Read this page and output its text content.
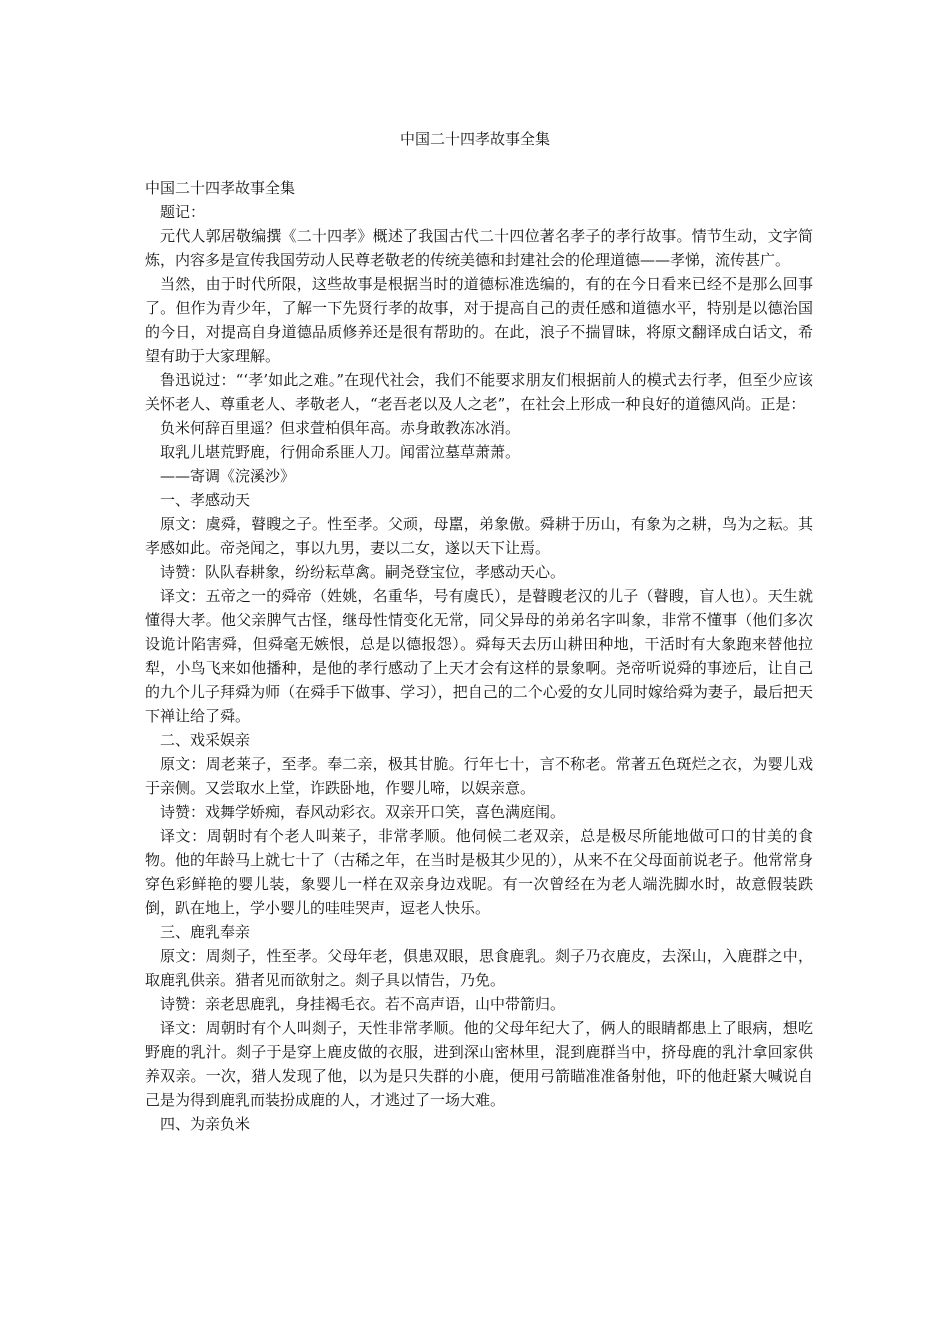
中国二十四孝故事全集

中国二十四孝故事全集

题记：

元代人郭居敬编撰《二十四孝》概述了我国古代二十四位著名孝子的孝行故事。情节生动，文字简炼，内容多是宣传我国劳动人民尊老敬老的传统美德和封建社会的伦理道德——孝悌，流传甚广。

当然，由于时代所限，这些故事是根据当时的道德标准选编的，有的在今日看来已经不是那么回事了。但作为青少年，了解一下先贤行孝的故事，对于提高自己的责任感和道德水平，特别是以德治国的今日，对提高自身道德品质修养还是很有帮助的。在此，浪子不揣冒昧，将原文翻译成白话文，希望有助于大家理解。

鲁迅说过：“‘孝’如此之难。”在现代社会，我们不能要求朋友们根据前人的模式去行孝，但至少应该关怀老人、尊重老人、孝敬老人，“老吾老以及人之老”，在社会上形成一种良好的道德风尚。正是：

负米何辞百里遥？但求萱柏俱年高。赤身敢教冻冰消。

取乳儿堪荒野鹿，行佣命系匪人刀。闻雷泣墓草萧萧。

——寄调《浣溪沙》

一、孝感动天

原文：虞舜，瞽瞍之子。性至孝。父顽，母嚚，弟象傲。舜耕于历山，有象为之耕，鸟为之耘。其孝感如此。帝尧闻之，事以九男，妻以二女，遂以天下让焉。

诗赞：队队春耕象，纷纷耘草禽。嗣尧登宝位，孝感动天心。

译文：五帝之一的舜帝（姓姚，名重华，号有虞氏），是瞽瞍老汉的儿子（瞽瞍，盲人也）。天生就懂得大孝。他父亲脾气古怪，继母性情变化无常，同父异母的弟弟名字叫象，非常不懂事（他们多次设诡计陷害舜，但舜毫无嫉恨，总是以德报怨）。舜每天去历山耕田种地，干活时有大象跑来替他拉犁，小鸟飞来如他播种，是他的孝行感动了上天才会有这样的景象啊。尧帝听说舜的事迹后，让自己的九个儿子拜舜为师（在舜手下做事、学习），把自己的二个心爱的女儿同时嫁给舜为妻子，最后把天下禅让给了舜。

二、戏采娱亲

原文：周老莱子，至孝。奉二亲，极其甘脆。行年七十，言不称老。常著五色斑烂之衣，为婴儿戏于亲侧。又尝取水上堂，诈跌卧地，作婴儿啼，以娱亲意。

诗赞：戏舞学娇痴，春风动彩衣。双亲开口笑，喜色满庭闱。

译文：周朝时有个老人叫莱子，非常孝顺。他伺候二老双亲，总是极尽所能地做可口的甘美的食物。他的年龄马上就七十了（古稀之年，在当时是极其少见的），从来不在父母面前说老子。他常常身穿色彩鲜艳的婴儿装，象婴儿一样在双亲身边戏昵。有一次曾经在为老人端洗脚水时，故意假装跌倒，趴在地上，学小婴儿的哇哇哭声，逗老人快乐。

三、鹿乳奉亲

原文：周剡子，性至孝。父母年老，俱患双眼，思食鹿乳。剡子乃衣鹿皮，去深山，入鹿群之中，取鹿乳供亲。猎者见而欲射之。剡子具以情告，乃免。

诗赞：亲老思鹿乳，身挂褐毛衣。若不高声语，山中带箭归。

译文：周朝时有个人叫剡子，天性非常孝顺。他的父母年纪大了，俩人的眼睛都患上了眼病，想吃野鹿的乳汁。剡子于是穿上鹿皮做的衣服，进到深山密林里，混到鹿群当中，挤母鹿的乳汁拿回家供养双亲。一次，猎人发现了他，以为是只失群的小鹿，便用弓箭瞄准准备射他，吓的他赶紧大喊说自己是为得到鹿乳而装扮成鹿的人，才逃过了一场大难。

四、为亲负米
